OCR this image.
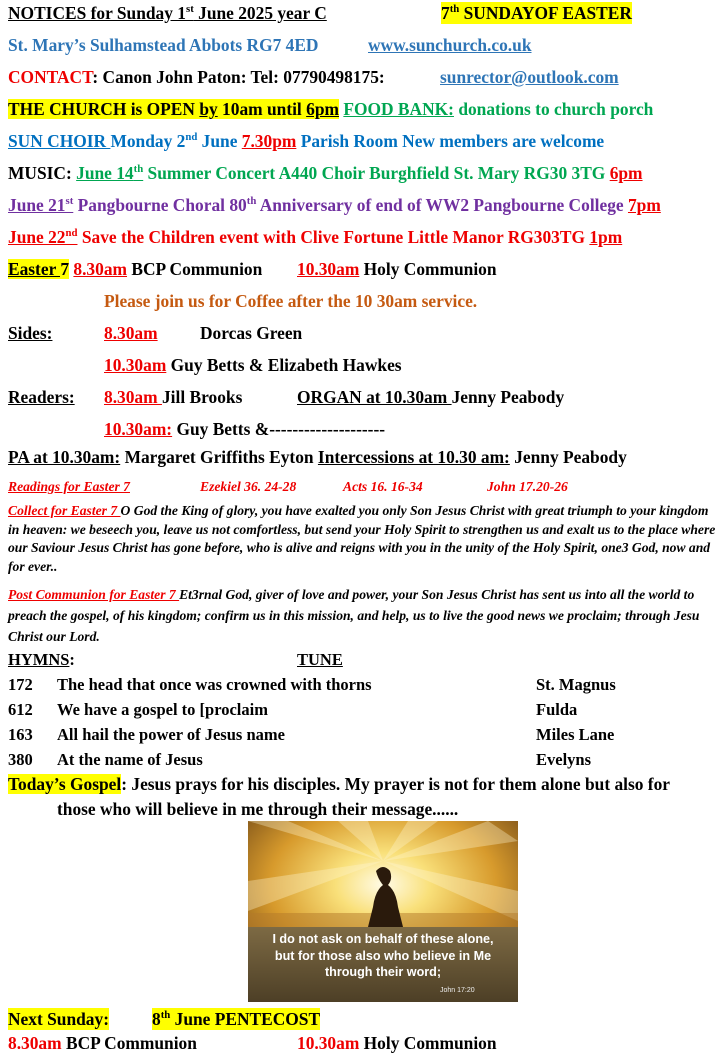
NOTICES for Sunday 1st June 2025 year C	7th SUNDAYOF EASTER
St. Mary’s Sulhamstead Abbots RG7 4ED	www.sunchurch.co.uk
CONTACT: Canon John Paton: Tel: 07790498175:	sunrector@outlook.com
THE CHURCH is OPEN by 10am until 6pm FOOD BANK: donations to church porch
SUN CHOIR Monday 2nd June 7.30pm Parish Room New members are welcome
MUSIC: June 14th Summer Concert A440 Choir Burghfield St. Mary RG30 3TG 6pm
June 21st Pangbourne Choral 80th Anniversary of end of WW2 Pangbourne College 7pm
June 22nd Save the Children event with Clive Fortune Little Manor RG303TG 1pm
Easter 7 8.30am BCP Communion 10.30am Holy Communion
Please join us for Coffee after the 10 30am service.
Sides:	8.30am Dorcas Green
10.30am Guy Betts & Elizabeth Hawkes
Readers: 8.30am Jill Brooks	ORGAN at 10.30am Jenny Peabody
10.30am: Guy Betts &--------------------
PA at 10.30am: Margaret Griffiths Eyton Intercessions at 10.30 am: Jenny Peabody
Readings for Easter 7	Ezekiel 36. 24-28	Acts 16. 16-34	John 17.20-26
Collect for Easter 7 O God the King of glory, you have exalted you only Son Jesus Christ with great triumph to your kingdom in heaven: we beseech you, leave us not comfortless, but send your Holy Spirit to strengthen us and exalt us to the place where our Saviour Jesus Christ has gone before, who is alive and reigns with you in the unity of the Holy Spirit, one3 God, now and for ever..
Post Communion for Easter 7 Et3rnal God, giver of love and power, your Son Jesus Christ has sent us into all the world to preach the gospel, of his kingdom; confirm us in this mission, and help, us to live the good news we proclaim; through Jesu Christ our Lord.
HYMNS:	TUNE
172 The head that once was crowned with thorns	St. Magnus
612 We have a gospel to [proclaim	Fulda
163 All hail the power of Jesus name	Miles Lane
380 At the name of Jesus	Evelyns
Today’s Gospel: Jesus prays for his disciples. My prayer is not for them alone but also for
those who will believe in me through their message......
I do not ask on behalf of these alone,
but for those also who believe in Me
through their word;
John 17:20
Next Sunday: 8th June PENTECOST
8.30am BCP Communion	10.30am Holy Communion
